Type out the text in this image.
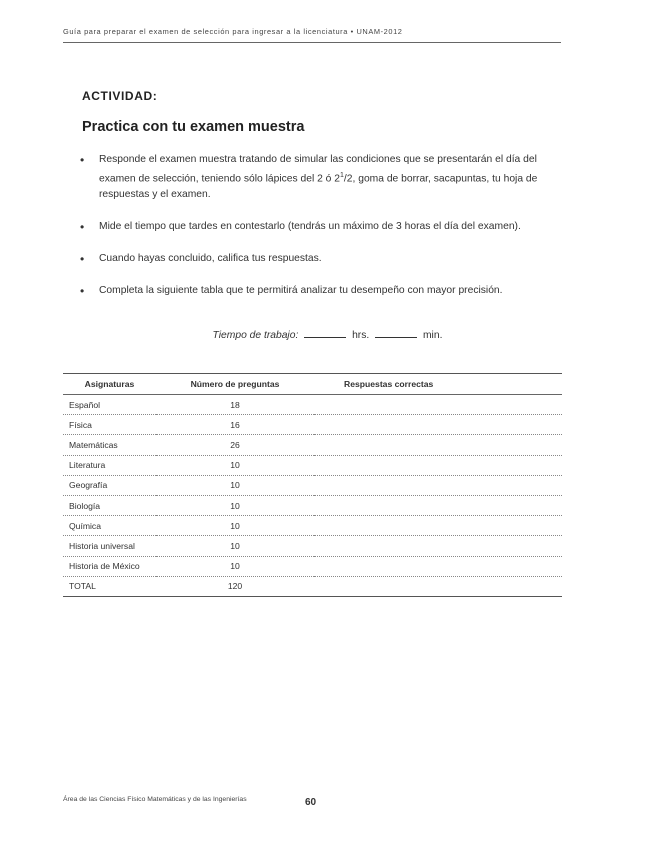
Guía para preparar el examen de selección para ingresar a la licenciatura • UNAM-2012
ACTIVIDAD:
Practica con tu examen muestra
• Responde el examen muestra tratando de simular las condiciones que se presentarán el día del examen de selección, teniendo sólo lápices del 2 ó $2^1/2$, goma de borrar, sacapuntas, tu hoja de respuestas y el examen.
• Mide el tiempo que tardes en contestarlo (tendrás un máximo de 3 horas el día del examen).
• Cuando hayas concluido, califica tus respuestas.
• Completa la siguiente tabla que te permitirá analizar tu desempeño con mayor precisión.
Tiempo de trabajo:	hrs.	min.
Asignaturas	Número de preguntas	Respuestas correctas
Español	18	
Física	16	
Matemáticas	26	
Literatura	10	
Geografía	10	
Biología	10	
Química	10	
Historia universal	10	
Historia de México	10	
TOTAL	120	
Área de las Ciencias Físico Matemáticas y de las Ingenierías	60
